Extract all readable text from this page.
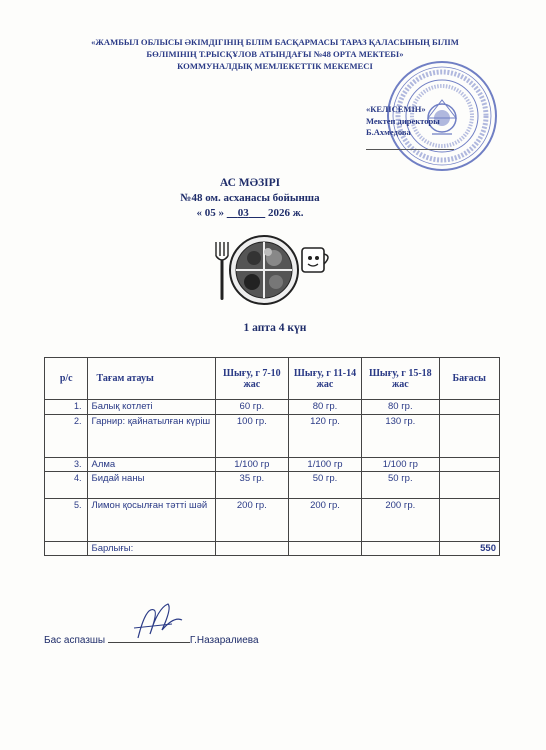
«ЖАМБЫЛ ОБЛЫСЫ ӘКІМДІГІНІҢ БІЛІМ БАСҚАРМАСЫ ТАРАЗ ҚАЛАСЫНЫҢ БІЛІМ
БӨЛІМІНІҢ Т.РЫСҚҰЛОВ АТЫНДАҒЫ №48 ОРТА МЕКТЕБІ»
КОММУНАЛДЫҚ МЕМЛЕКЕТТІК МЕКЕМЕСІ
«КЕЛІСЕМІН»
Мектеп директоры
Б.Ахмедова
АС МӘЗІРІ
№48 ом. асханасы бойынша
« 05 » 03 2026 ж.
1 апта 4 күн
р/с	Тағам атауы	Шығу, г 7-10 жас	Шығу, г 11-14 жас	Шығу, г 15-18 жас	Бағасы
1.	Балық котлеті	60 гр.	80 гр.	80 гр.	
2.	Гарнир: қайнатылған күріш	100 гр.	120 гр.	130 гр.	
3.	Алма	1/100 гр	1/100 гр	1/100 гр	
4.	Бидай наны	35 гр.	50 гр.	50 гр.	
5.	Лимон қосылған тәтті шәй	200 гр.	200 гр.	200 гр.	
	Барлығы:				550
Бас аспазшы	Г.Назаралиева
